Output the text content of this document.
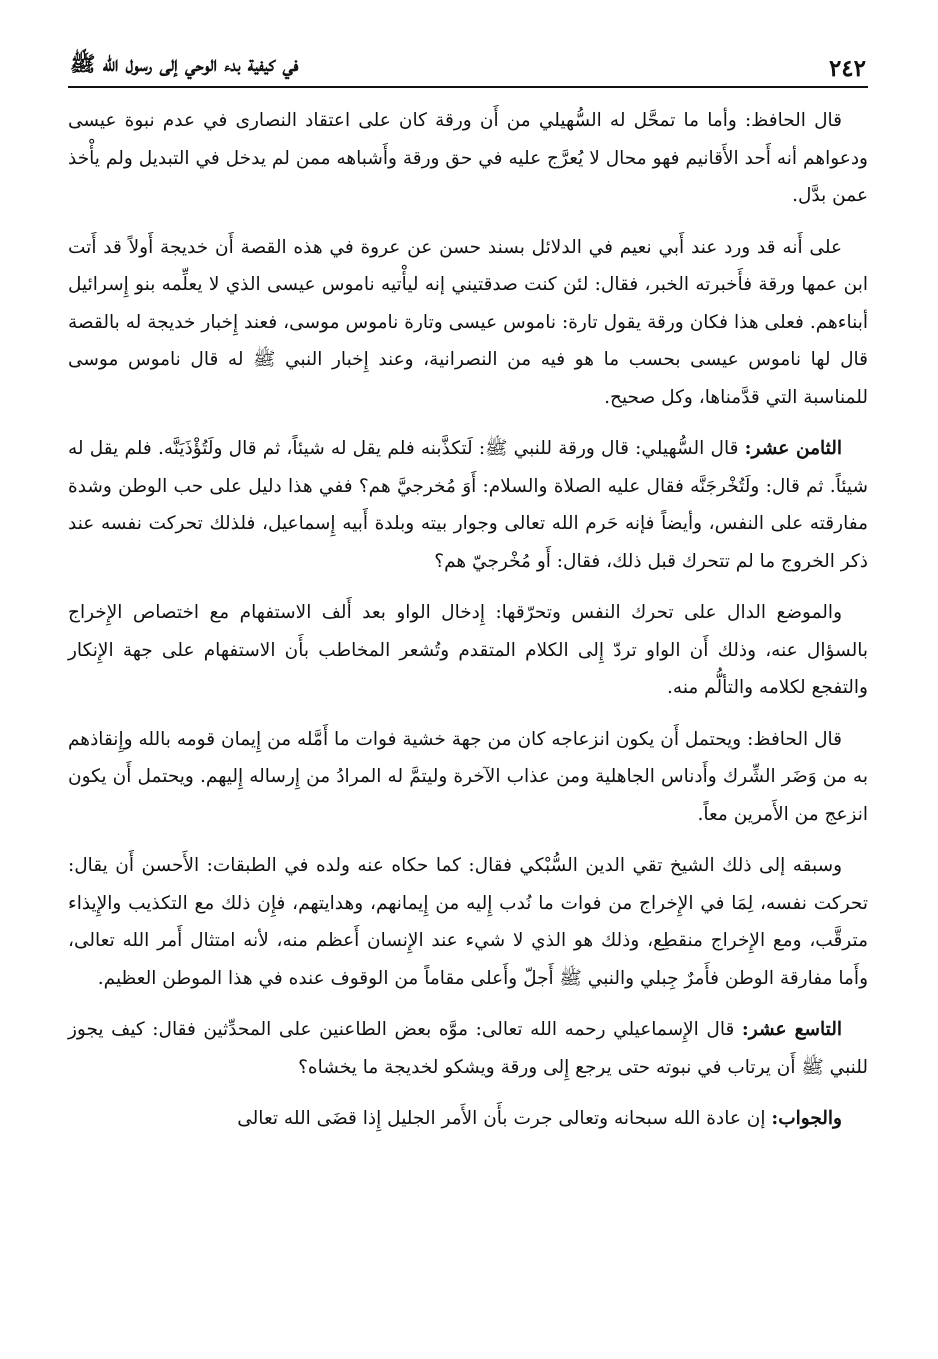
٢٤٢
في كيفية بدء الوحي إلى رسول الله ﷺ

قال الحافظ: وأما ما تمحَّل له السُّهيلي من أَن ورقة كان على اعتقاد النصارى في عدم نبوة عيسى ودعواهم أنه أَحد الأَقانيم فهو محال لا يُعرَّج عليه في حق ورقة وأَشباهه ممن لم يدخل في التبديل ولم يأْخذ عمن بدَّل.

على أَنه قد ورد عند أَبي نعيم في الدلائل بسند حسن عن عروة في هذه القصة أَن خديجة أَولاً قد أَتت ابن عمها ورقة فأَخبرته الخبر، فقال: لئن كنت صدقتيني إنه ليأْتيه ناموس عيسى الذي لا يعلِّمه بنو إِسرائيل أبناءهم. فعلى هذا فكان ورقة يقول تارة: ناموس عيسى وتارة ناموس موسى، فعند إِخبار خديجة له بالقصة قال لها ناموس عيسى بحسب ما هو فيه من النصرانية، وعند إِخبار النبي ﷺ له قال ناموس موسى للمناسبة التي قدَّمناها، وكل صحيح.

الثامن عشر: قال السُّهيلي: قال ورقة للنبي ﷺ: لَتكذَّبنه فلم يقل له شيئاً، ثم قال ولَتُؤْذَيَنَّه. فلم يقل له شيئاً. ثم قال: ولَتُخْرجَنَّه فقال عليه الصلاة والسلام: أَوَ مُخرجيَّ هم؟ ففي هذا دليل على حب الوطن وشدة مفارقته على النفس، وأيضاً فإنه حَرم الله تعالى وجوار بيته وبلدة أَبيه إِسماعيل، فلذلك تحركت نفسه عند ذكر الخروج ما لم تتحرك قبل ذلك، فقال: أَو مُخْرجيّ هم؟

والموضع الدال على تحرك النفس وتحرّقها: إِدخال الواو بعد أَلف الاستفهام مع اختصاص الإِخراج بالسؤال عنه، وذلك أَن الواو تردّ إِلى الكلام المتقدم وتُشعر المخاطب بأَن الاستفهام على جهة الإِنكار والتفجع لكلامه والتألُّم منه.

قال الحافظ: ويحتمل أَن يكون انزعاجه كان من جهة خشية فوات ما أَمَّله من إِيمان قومه بالله وإِنقاذهم به من وَضَر الشِّرك وأَدناس الجاهلية ومن عذاب الآخرة وليتمَّ له المرادُ من إِرساله إِليهم. ويحتمل أَن يكون انزعج من الأَمرين معاً.

وسبقه إلى ذلك الشيخ تقي الدين السُّبْكي فقال: كما حكاه عنه ولده في الطبقات: الأَحسن أَن يقال: تحركت نفسه، لِمَا في الإِخراج من فوات ما نُدب إِليه من إِيمانهم، وهدايتهم، فإِن ذلك مع التكذيب والإِيذاء مترقَّب، ومع الإِخراج منقطِع، وذلك هو الذي لا شيء عند الإِنسان أَعظم منه، لأنه امتثال أَمر الله تعالى، وأَما مفارقة الوطن فأَمرٌ جِبلي والنبي ﷺ أَجلّ وأَعلى مقاماً من الوقوف عنده في هذا الموطن العظيم.

التاسع عشر: قال الإِسماعيلي رحمه الله تعالى: موَّه بعض الطاعنين على المحدِّثين فقال: كيف يجوز للنبي ﷺ أَن يرتاب في نبوته حتى يرجع إِلى ورقة ويشكو لخديجة ما يخشاه؟

والجواب: إن عادة الله سبحانه وتعالى جرت بأَن الأَمر الجليل إِذا قضَى الله تعالى
